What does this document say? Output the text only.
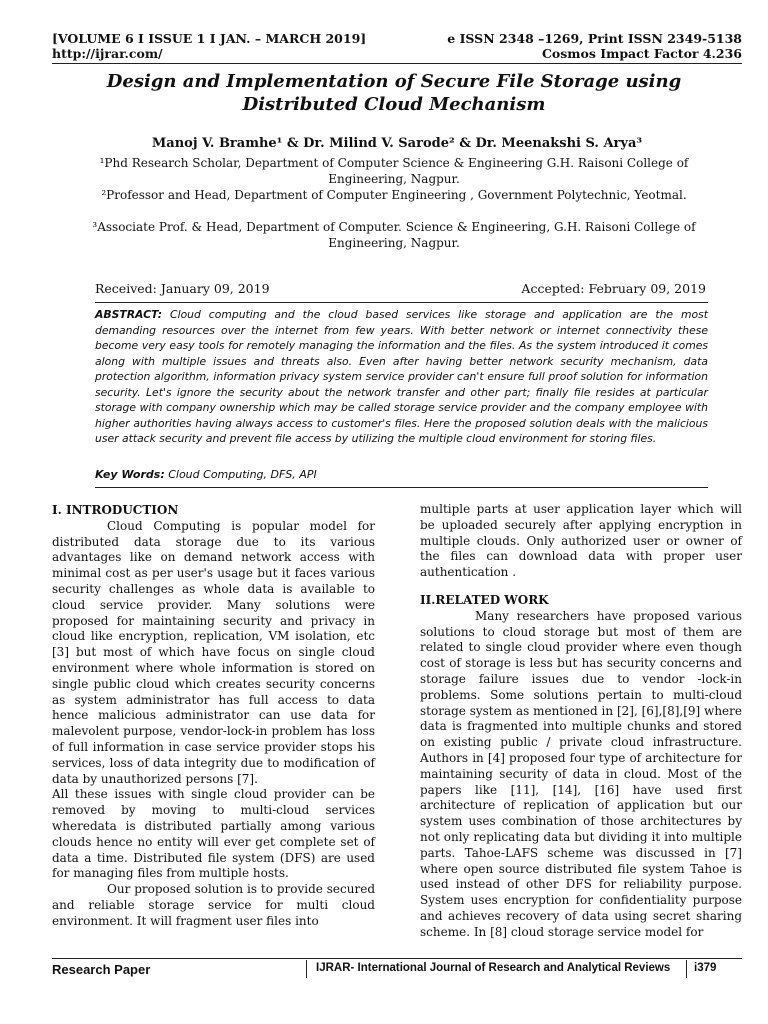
[VOLUME 6 I ISSUE 1 I JAN. – MARCH 2019]
http://ijrar.com/
e ISSN 2348 –1269, Print ISSN 2349-5138
Cosmos Impact Factor 4.236
Design and Implementation of Secure File Storage using Distributed Cloud Mechanism
Manoj V. Bramhe¹ & Dr. Milind V. Sarode² & Dr. Meenakshi S. Arya³
¹Phd Research Scholar, Department of Computer Science & Engineering G.H. Raisoni College of Engineering, Nagpur.
²Professor and Head, Department of Computer Engineering , Government Polytechnic, Yeotmal.
³Associate Prof. & Head, Department of Computer. Science & Engineering, G.H. Raisoni College of Engineering, Nagpur.
Received: January 09, 2019	Accepted: February 09, 2019
ABSTRACT: Cloud computing and the cloud based services like storage and application are the most demanding resources over the internet from few years. With better network or internet connectivity these become very easy tools for remotely managing the information and the files. As the system introduced it comes along with multiple issues and threats also. Even after having better network security mechanism, data protection algorithm, information privacy system service provider can't ensure full proof solution for information security. Let's ignore the security about the network transfer and other part; finally file resides at particular storage with company ownership which may be called storage service provider and the company employee with higher authorities having always access to customer's files. Here the proposed solution deals with the malicious user attack security and prevent file access by utilizing the multiple cloud environment for storing files.
Key Words: Cloud Computing, DFS, API
I. INTRODUCTION

Cloud Computing is popular model for distributed data storage due to its various advantages like on demand network access with minimal cost as per user's usage but it faces various security challenges as whole data is available to cloud service provider. Many solutions were proposed for maintaining security and privacy in cloud like encryption, replication, VM isolation, etc [3] but most of which have focus on single cloud environment where whole information is stored on single public cloud which creates security concerns as system administrator has full access to data hence malicious administrator can use data for malevolent purpose, vendor-lock-in problem has loss of full information in case service provider stops his services, loss of data integrity due to modification of data by unauthorized persons [7].

All these issues with single cloud provider can be removed by moving to multi-cloud services wheredata is distributed partially among various clouds hence no entity will ever get complete set of data a time. Distributed file system (DFS) are used for managing files from multiple hosts.

Our proposed solution is to provide secured and reliable storage service for multi cloud environment. It will fragment user files into

multiple parts at user application layer which will be uploaded securely after applying encryption in multiple clouds. Only authorized user or owner of the files can download data with proper user authentication .

II.RELATED WORK

Many researchers have proposed various solutions to cloud storage but most of them are related to single cloud provider where even though cost of storage is less but has security concerns and storage failure issues due to vendor -lock-in problems. Some solutions pertain to multi-cloud storage system as mentioned in [2], [6],[8],[9] where data is fragmented into multiple chunks and stored on existing public / private cloud infrastructure. Authors in [4] proposed four type of architecture for maintaining security of data in cloud. Most of the papers like [11], [14], [16] have used first architecture of replication of application but our system uses combination of those architectures by not only replicating data but dividing it into multiple parts. Tahoe-LAFS scheme was discussed in [7] where open source distributed file system Tahoe is used instead of other DFS for reliability purpose. System uses encryption for confidentiality purpose and achieves recovery of data using secret sharing scheme. In [8] cloud storage service model for

Research Paper	IJRAR- International Journal of Research and Analytical Reviews i379
